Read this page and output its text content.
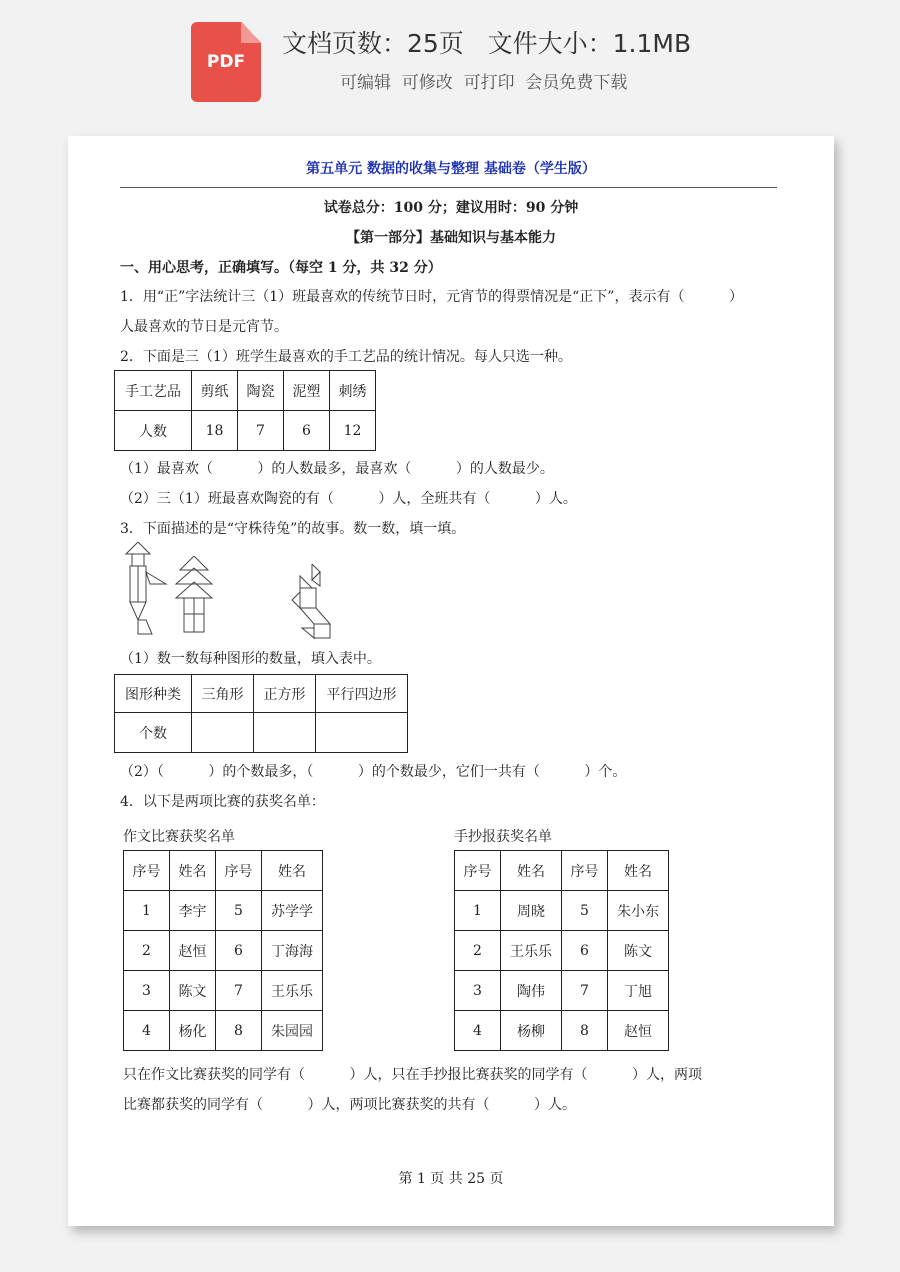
PDF
文档页数：25页   文件大小：1.1MB
可编辑  可修改  可打印  会员免费下载
第五单元 数据的收集与整理 基础卷（学生版）
试卷总分：100 分；建议用时：90 分钟
【第一部分】基础知识与基本能力
一、用心思考，正确填写。（每空 1 分，共 32 分）
1．用“正”字法统计三（1）班最喜欢的传统节日时，元宵节的得票情况是“正下”，表示有（          ）
人最喜欢的节日是元宵节。
2．下面是三（1）班学生最喜欢的手工艺品的统计情况。每人只选一种。
手工艺品	剪纸	陶瓷	泥塑	刺绣
人数	18	7	6	12
（1）最喜欢（          ）的人数最多，最喜欢（          ）的人数最少。
（2）三（1）班最喜欢陶瓷的有（          ）人，全班共有（          ）人。
3．下面描述的是“守株待兔”的故事。数一数，填一填。
（1）数一数每种图形的数量，填入表中。
图形种类	三角形	正方形	平行四边形
个数			
（2）（          ）的个数最多，（          ）的个数最少，它们一共有（          ）个。
4．以下是两项比赛的获奖名单：
作文比赛获奖名单	手抄报获奖名单
序号	姓名	序号	姓名
1	李宇	5	苏学学
2	赵恒	6	丁海海
3	陈文	7	王乐乐
4	杨化	8	朱园园
序号	姓名	序号	姓名
1	周晓	5	朱小东
2	王乐乐	6	陈文
3	陶伟	7	丁旭
4	杨柳	8	赵恒
只在作文比赛获奖的同学有（          ）人，只在手抄报比赛获奖的同学有（          ）人，两项
比赛都获奖的同学有（          ）人，两项比赛获奖的共有（          ）人。
第 1 页 共 25 页
